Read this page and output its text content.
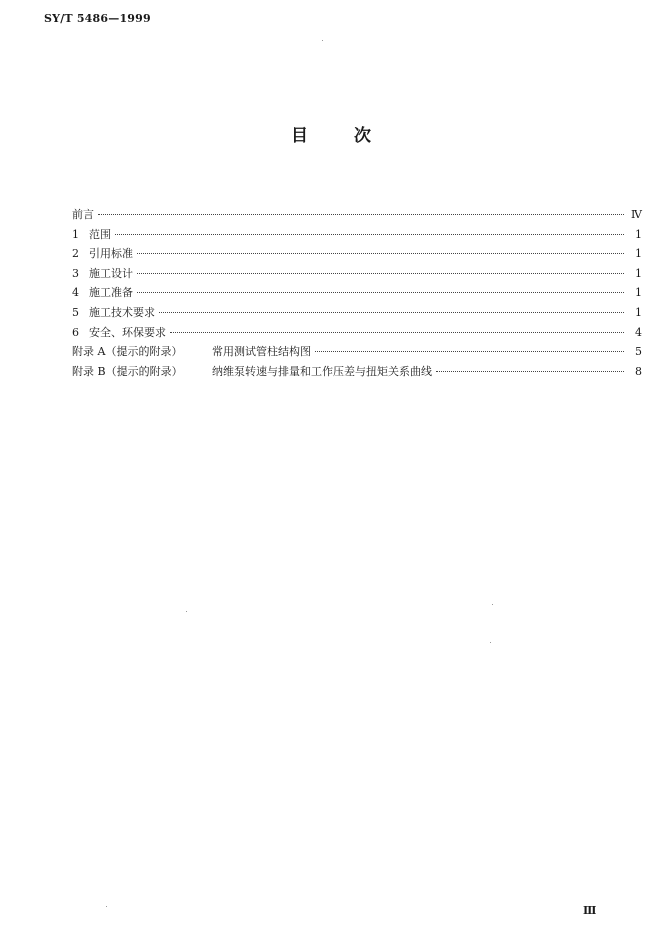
SY/T 5486—1999
目	次
前言	Ⅳ
1 范围	1
2 引用标准	1
3 施工设计	1
4 施工准备	1
5 施工技术要求	1
6 安全、环保要求	4
附录 A（提示的附录）	常用测试管柱结构图	5
附录 B（提示的附录）	纳维泵转速与排量和工作压差与扭矩关系曲线	8
Ⅲ
